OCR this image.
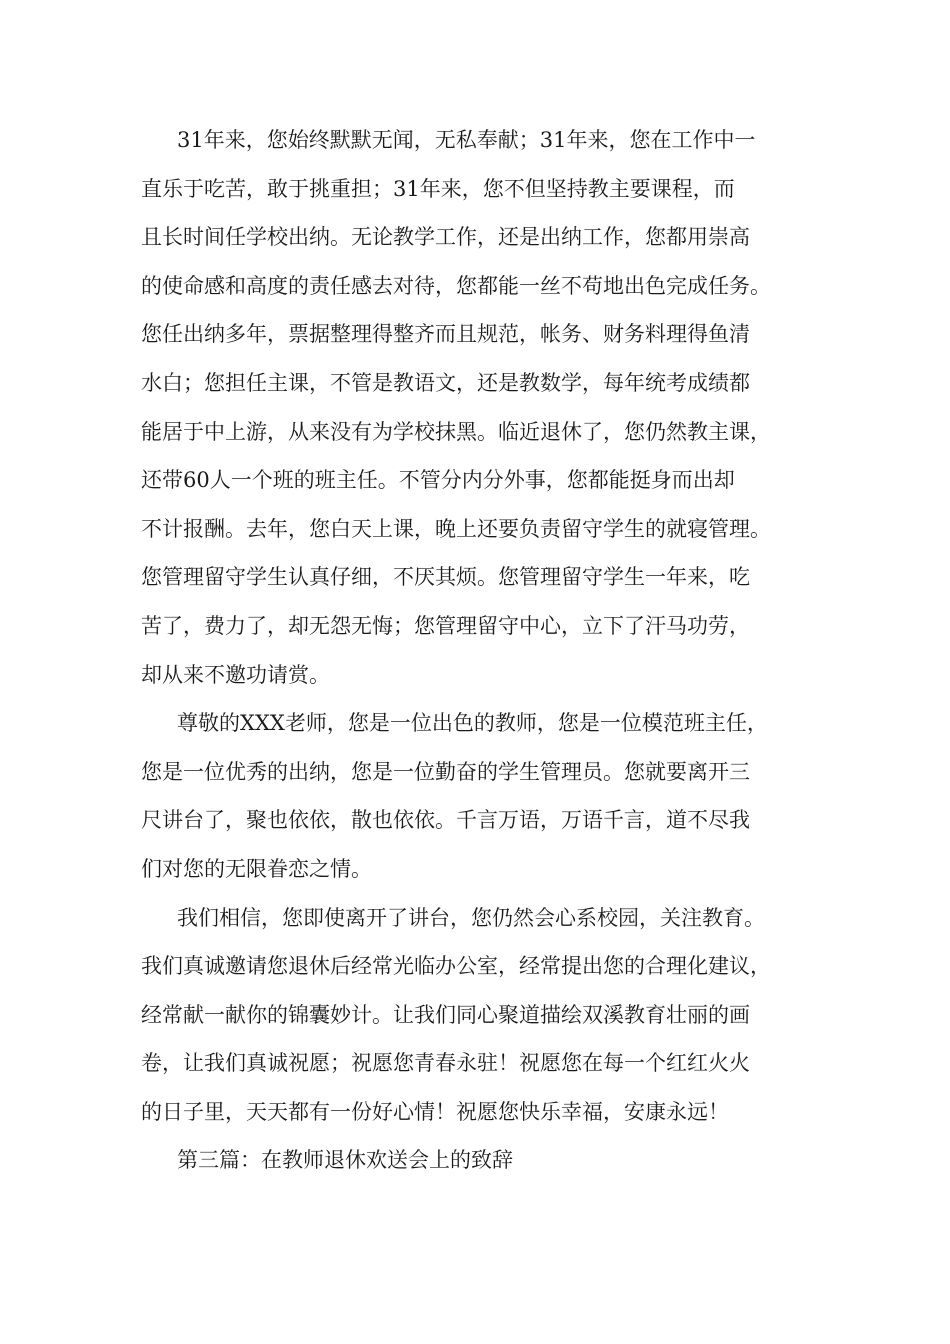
31年来，您始终默默无闻，无私奉献；31年来，您在工作中一
直乐于吃苦，敢于挑重担；31年来，您不但坚持教主要课程，而
且长时间任学校出纳。无论教学工作，还是出纳工作，您都用崇高
的使命感和高度的责任感去对待，您都能一丝不苟地出色完成任务。
您任出纳多年，票据整理得整齐而且规范，帐务、财务料理得鱼清
水白；您担任主课，不管是教语文，还是教数学，每年统考成绩都
能居于中上游，从来没有为学校抹黑。临近退休了，您仍然教主课，
还带60人一个班的班主任。不管分内分外事，您都能挺身而出却
不计报酬。去年，您白天上课，晚上还要负责留守学生的就寝管理。
您管理留守学生认真仔细，不厌其烦。您管理留守学生一年来，吃
苦了，费力了，却无怨无悔；您管理留守中心，立下了汗马功劳，
却从来不邀功请赏。
尊敬的XXX老师，您是一位出色的教师，您是一位模范班主任，
您是一位优秀的出纳，您是一位勤奋的学生管理员。您就要离开三
尺讲台了，聚也依依，散也依依。千言万语，万语千言，道不尽我
们对您的无限眷恋之情。
我们相信，您即使离开了讲台，您仍然会心系校园，关注教育。
我们真诚邀请您退休后经常光临办公室，经常提出您的合理化建议，
经常献一献你的锦囊妙计。让我们同心聚道描绘双溪教育壮丽的画
卷，让我们真诚祝愿；祝愿您青春永驻！祝愿您在每一个红红火火
的日子里，天天都有一份好心情！祝愿您快乐幸福，安康永远！
第三篇：在教师退休欢送会上的致辞
